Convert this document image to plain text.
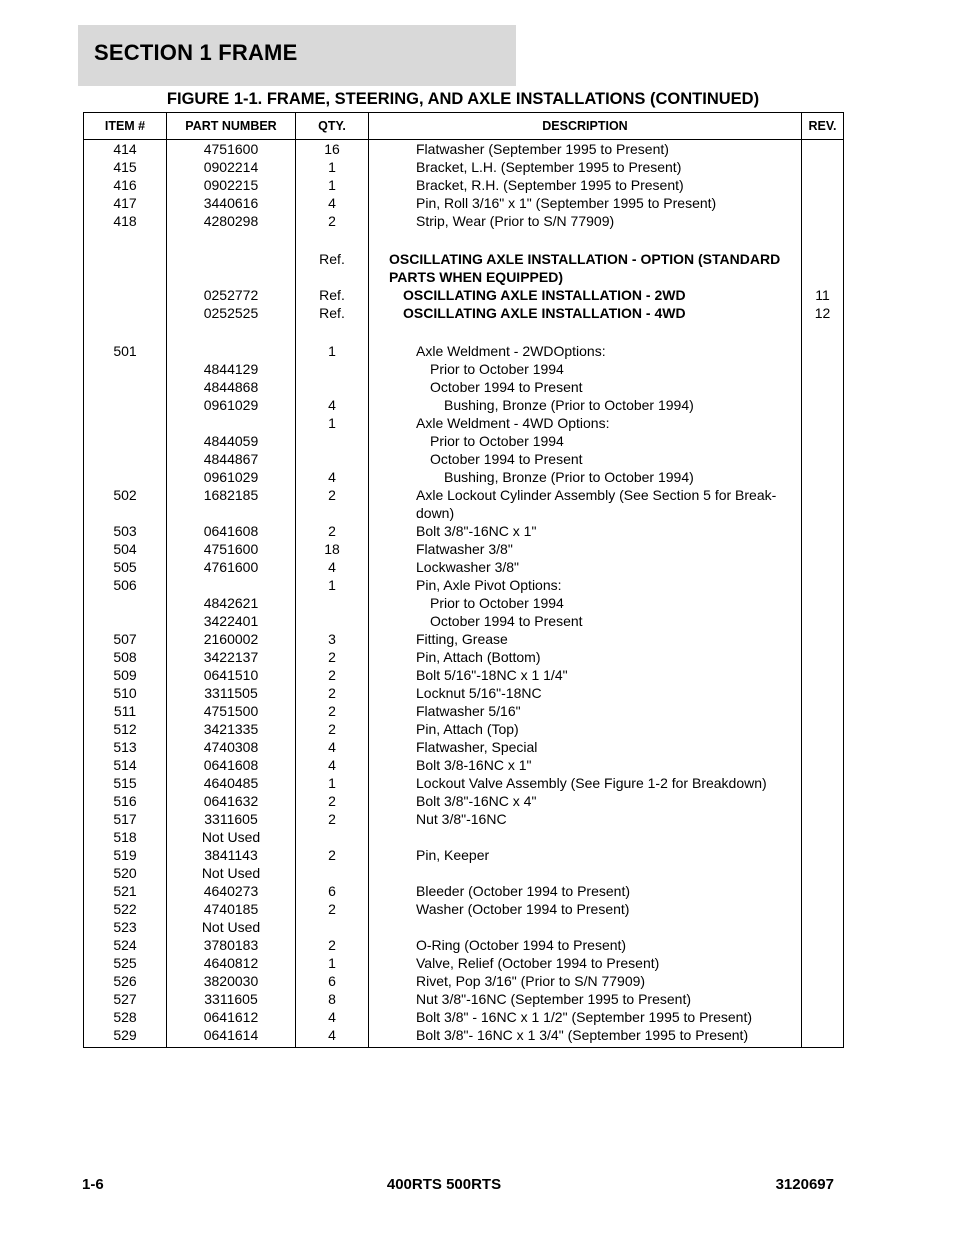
SECTION 1 FRAME
FIGURE 1-1. FRAME, STEERING, AND AXLE INSTALLATIONS (CONTINUED)
ITEM #	PART NUMBER	QTY.	DESCRIPTION	REV.
414	4751600	16	Flatwasher (September 1995 to Present)	
415	0902214	1	Bracket, L.H. (September 1995 to Present)	
416	0902215	1	Bracket, R.H. (September 1995 to Present)	
417	3440616	4	Pin, Roll 3/16" x 1" (September 1995 to Present)	
418	4280298	2	Strip, Wear (Prior to S/N 77909)	

		Ref.	OSCILLATING AXLE INSTALLATION - OPTION (STANDARD PARTS WHEN EQUIPPED)	
	0252772	Ref.	OSCILLATING AXLE INSTALLATION - 2WD	11
	0252525	Ref.	OSCILLATING AXLE INSTALLATION - 4WD	12

501		1	Axle Weldment - 2WDOptions:	
	4844129		Prior to October 1994	
	4844868		October 1994 to Present	
	0961029	4	Bushing, Bronze (Prior to October 1994)	
		1	Axle Weldment - 4WD Options:	
	4844059		Prior to October 1994	
	4844867		October 1994 to Present	
	0961029	4	Bushing, Bronze (Prior to October 1994)	
502	1682185	2	Axle Lockout Cylinder Assembly (See Section 5 for Break-down)	
503	0641608	2	Bolt 3/8"-16NC x 1"	
504	4751600	18	Flatwasher 3/8"	
505	4761600	4	Lockwasher 3/8"	
506		1	Pin, Axle Pivot Options:	
	4842621		Prior to October 1994	
	3422401		October 1994 to Present	
507	2160002	3	Fitting, Grease	
508	3422137	2	Pin, Attach (Bottom)	
509	0641510	2	Bolt 5/16"-18NC x 1 1/4"	
510	3311505	2	Locknut 5/16"-18NC	
511	4751500	2	Flatwasher 5/16"	
512	3421335	2	Pin, Attach (Top)	
513	4740308	4	Flatwasher, Special	
514	0641608	4	Bolt 3/8-16NC x 1"	
515	4640485	1	Lockout Valve Assembly (See Figure 1-2 for Breakdown)	
516	0641632	2	Bolt 3/8"-16NC x 4"	
517	3311605	2	Nut 3/8"-16NC	
518	Not Used			
519	3841143	2	Pin, Keeper	
520	Not Used			
521	4640273	6	Bleeder (October 1994 to Present)	
522	4740185	2	Washer (October 1994 to Present)	
523	Not Used			
524	3780183	2	O-Ring (October 1994 to Present)	
525	4640812	1	Valve, Relief (October 1994 to Present)	
526	3820030	6	Rivet, Pop 3/16" (Prior to S/N 77909)	
527	3311605	8	Nut 3/8"-16NC (September 1995 to Present)	
528	0641612	4	Bolt 3/8" - 16NC x 1 1/2" (September 1995 to Present)	
529	0641614	4	Bolt 3/8"- 16NC x 1 3/4" (September 1995 to Present)	
1-6	400RTS 500RTS	3120697
